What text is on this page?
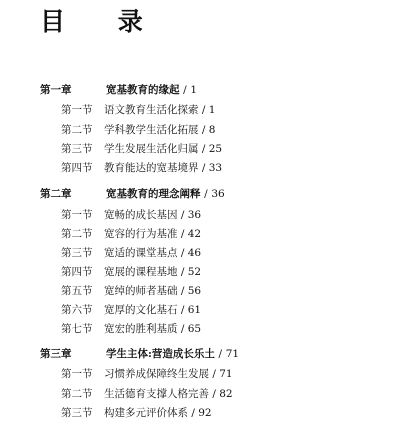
目 录
第一章	宽基教育的缘起 / 1
第一节 语文教育生活化探索 / 1
第二节 学科教学生活化拓展 / 8
第三节 学生发展生活化归属 / 25
第四节 教育能达的宽基境界 / 33
第二章	宽基教育的理念阐释 / 36
第一节 宽畅的成长基因 / 36
第二节 宽容的行为基准 / 42
第三节 宽适的课堂基点 / 46
第四节 宽展的课程基地 / 52
第五节 宽绰的师者基础 / 56
第六节 宽厚的文化基石 / 61
第七节 宽宏的胜利基质 / 65
第三章	学生主体:营造成长乐土 / 71
第一节 习惯养成保障终生发展 / 71
第二节 生活德育支撑人格完善 / 82
第三节 构建多元评价体系 / 92
